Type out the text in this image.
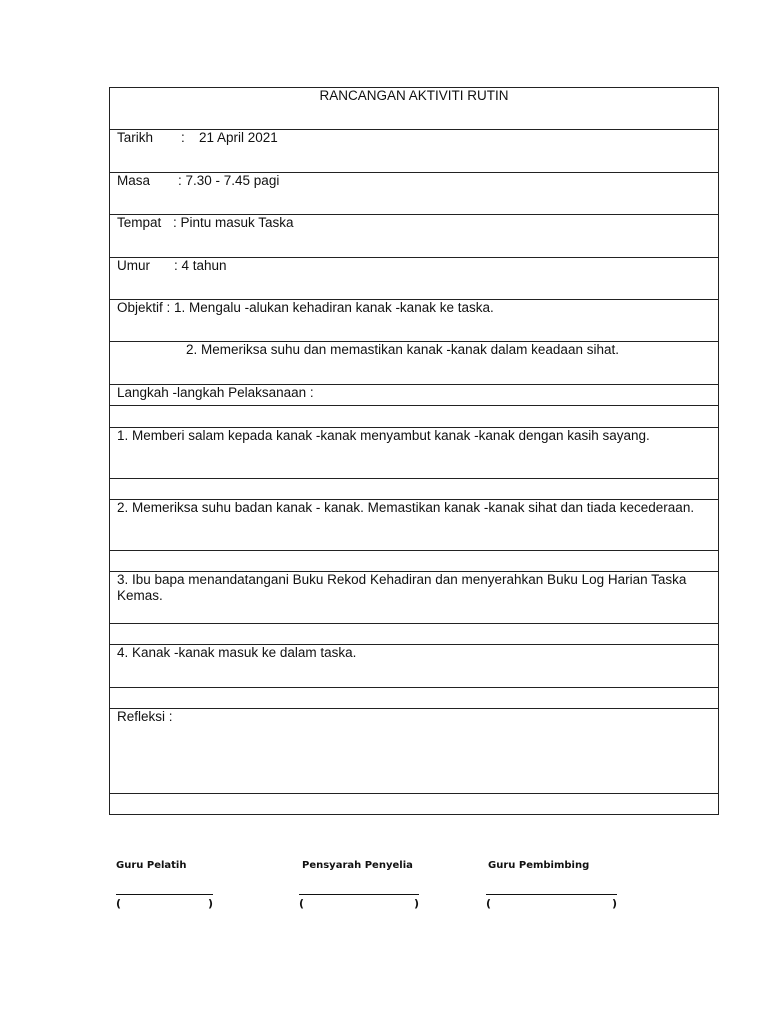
RANCANGAN AKTIVITI RUTIN
Tarikh : 21 April 2021
Masa : 7.30 - 7.45 pagi
Tempat : Pintu masuk Taska
Umur : 4 tahun
Objektif : 1. Mengalu -alukan kehadiran kanak -kanak ke taska.
2. Memeriksa suhu dan memastikan kanak -kanak dalam keadaan sihat.
Langkah -langkah Pelaksanaan :

1. Memberi salam kepada kanak -kanak menyambut kanak -kanak dengan kasih sayang.

2. Memeriksa suhu badan kanak - kanak. Memastikan kanak -kanak sihat dan tiada kecederaan.

3. Ibu bapa menandatangani Buku Rekod Kehadiran dan menyerahkan Buku Log Harian Taska Kemas.

4. Kanak -kanak masuk ke dalam taska.

Refleksi :

Guru Pelatih
(	)
Pensyarah Penyelia
(	)
Guru Pembimbing
(	)
